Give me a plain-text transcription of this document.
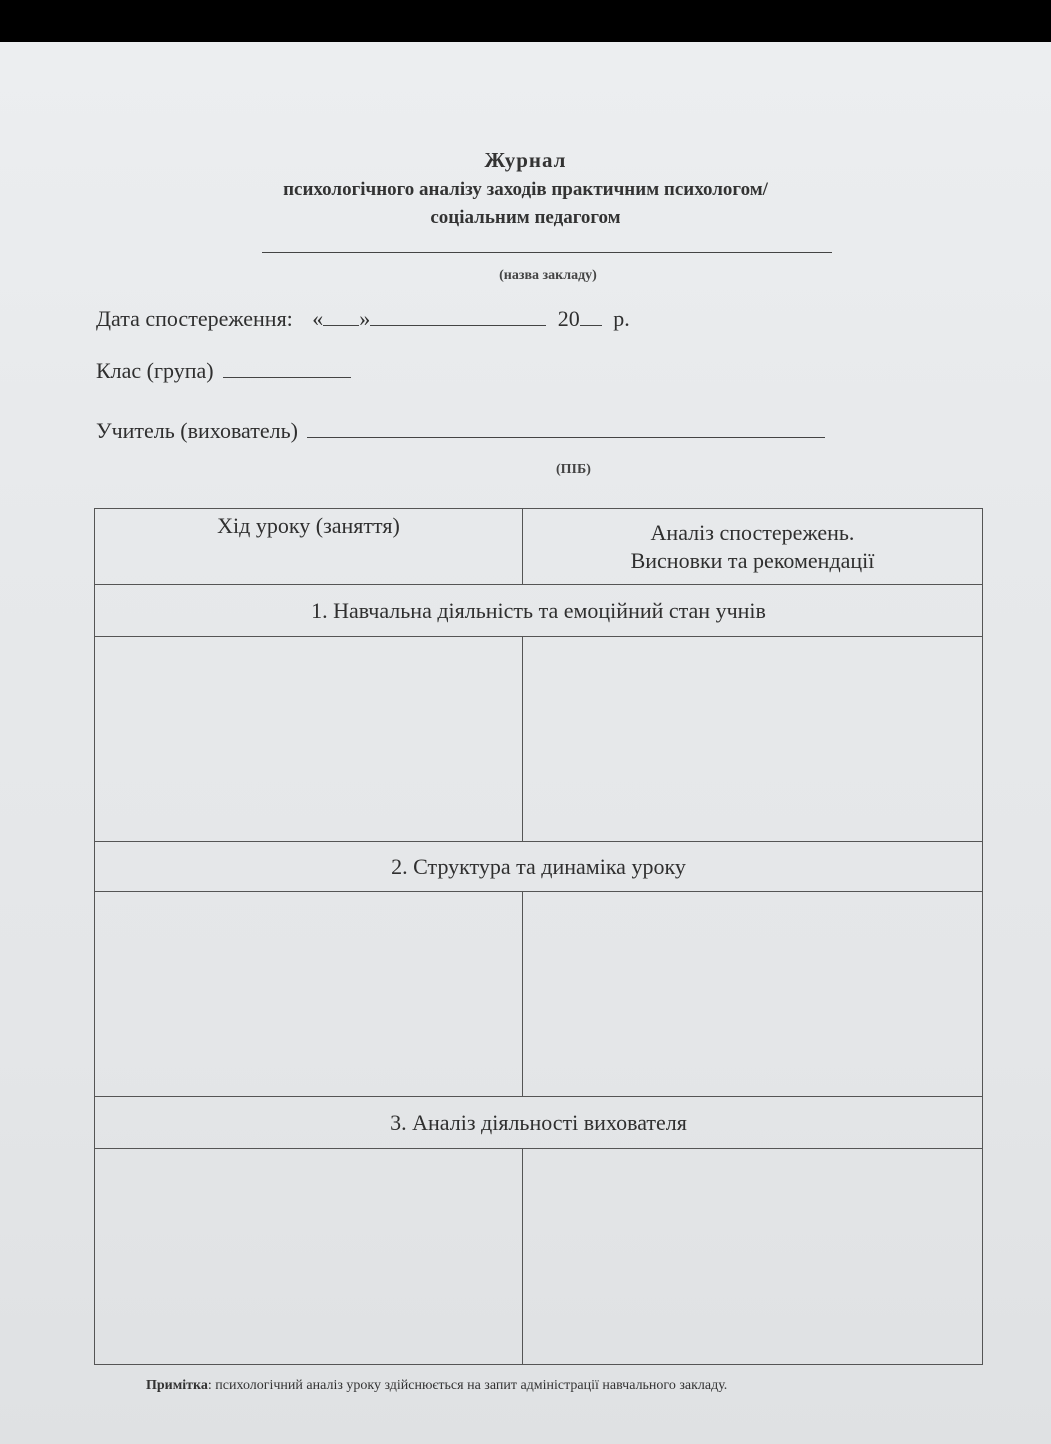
Журнал
психологічного аналізу заходів практичним психологом/
соціальним педагогом
(назва закладу)
Дата спостереження: « »	20 р.
Клас (група)
Учитель (вихователь)
(ПІБ)
Хід уроку (заняття)	Аналіз спостережень.
Висновки та рекомендації

1. Навчальна діяльність та емоційний стан учнів	

2. Структура та динаміка уроку	

3. Аналіз діяльності вихователя	

Примітка: психологічний аналіз уроку здійснюється на запит адміністрації навчального закладу.
